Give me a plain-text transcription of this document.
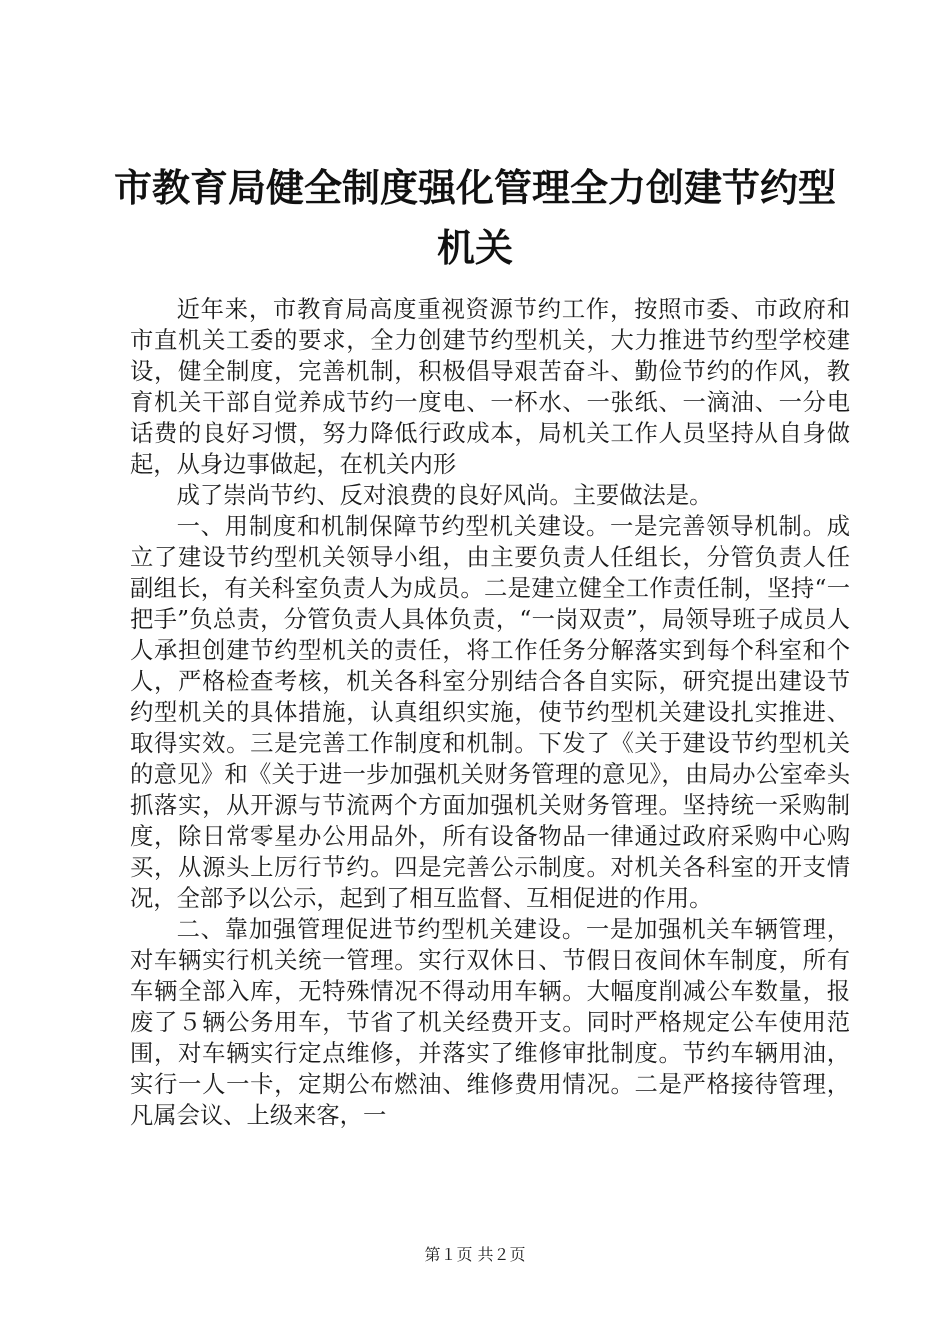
市教育局健全制度强化管理全力创建节约型机关

近年来，市教育局高度重视资源节约工作，按照市委、市政府和市直机关工委的要求，全力创建节约型机关，大力推进节约型学校建设，健全制度，完善机制，积极倡导艰苦奋斗、勤俭节约的作风，教育机关干部自觉养成节约一度电、一杯水、一张纸、一滴油、一分电话费的良好习惯，努力降低行政成本，局机关工作人员坚持从自身做起，从身边事做起，在机关内形

成了崇尚节约、反对浪费的良好风尚。主要做法是。

一、用制度和机制保障节约型机关建设。一是完善领导机制。成立了建设节约型机关领导小组，由主要负责人任组长，分管负责人任副组长，有关科室负责人为成员。二是建立健全工作责任制，坚持“一把手”负总责，分管负责人具体负责，“一岗双责”，局领导班子成员人人承担创建节约型机关的责任，将工作任务分解落实到每个科室和个人，严格检查考核，机关各科室分别结合各自实际，研究提出建设节约型机关的具体措施，认真组织实施，使节约型机关建设扎实推进、取得实效。三是完善工作制度和机制。下发了《关于建设节约型机关的意见》和《关于进一步加强机关财务管理的意见》，由局办公室牵头抓落实，从开源与节流两个方面加强机关财务管理。坚持统一采购制度，除日常零星办公用品外，所有设备物品一律通过政府采购中心购买，从源头上厉行节约。四是完善公示制度。对机关各科室的开支情况，全部予以公示，起到了相互监督、互相促进的作用。

二、靠加强管理促进节约型机关建设。一是加强机关车辆管理，对车辆实行机关统一管理。实行双休日、节假日夜间休车制度，所有车辆全部入库，无特殊情况不得动用车辆。大幅度削减公车数量，报废了５辆公务用车，节省了机关经费开支。同时严格规定公车使用范围，对车辆实行定点维修，并落实了维修审批制度。节约车辆用油，实行一人一卡，定期公布燃油、维修费用情况。二是严格接待管理，凡属会议、上级来客，一

第１页 共２页
